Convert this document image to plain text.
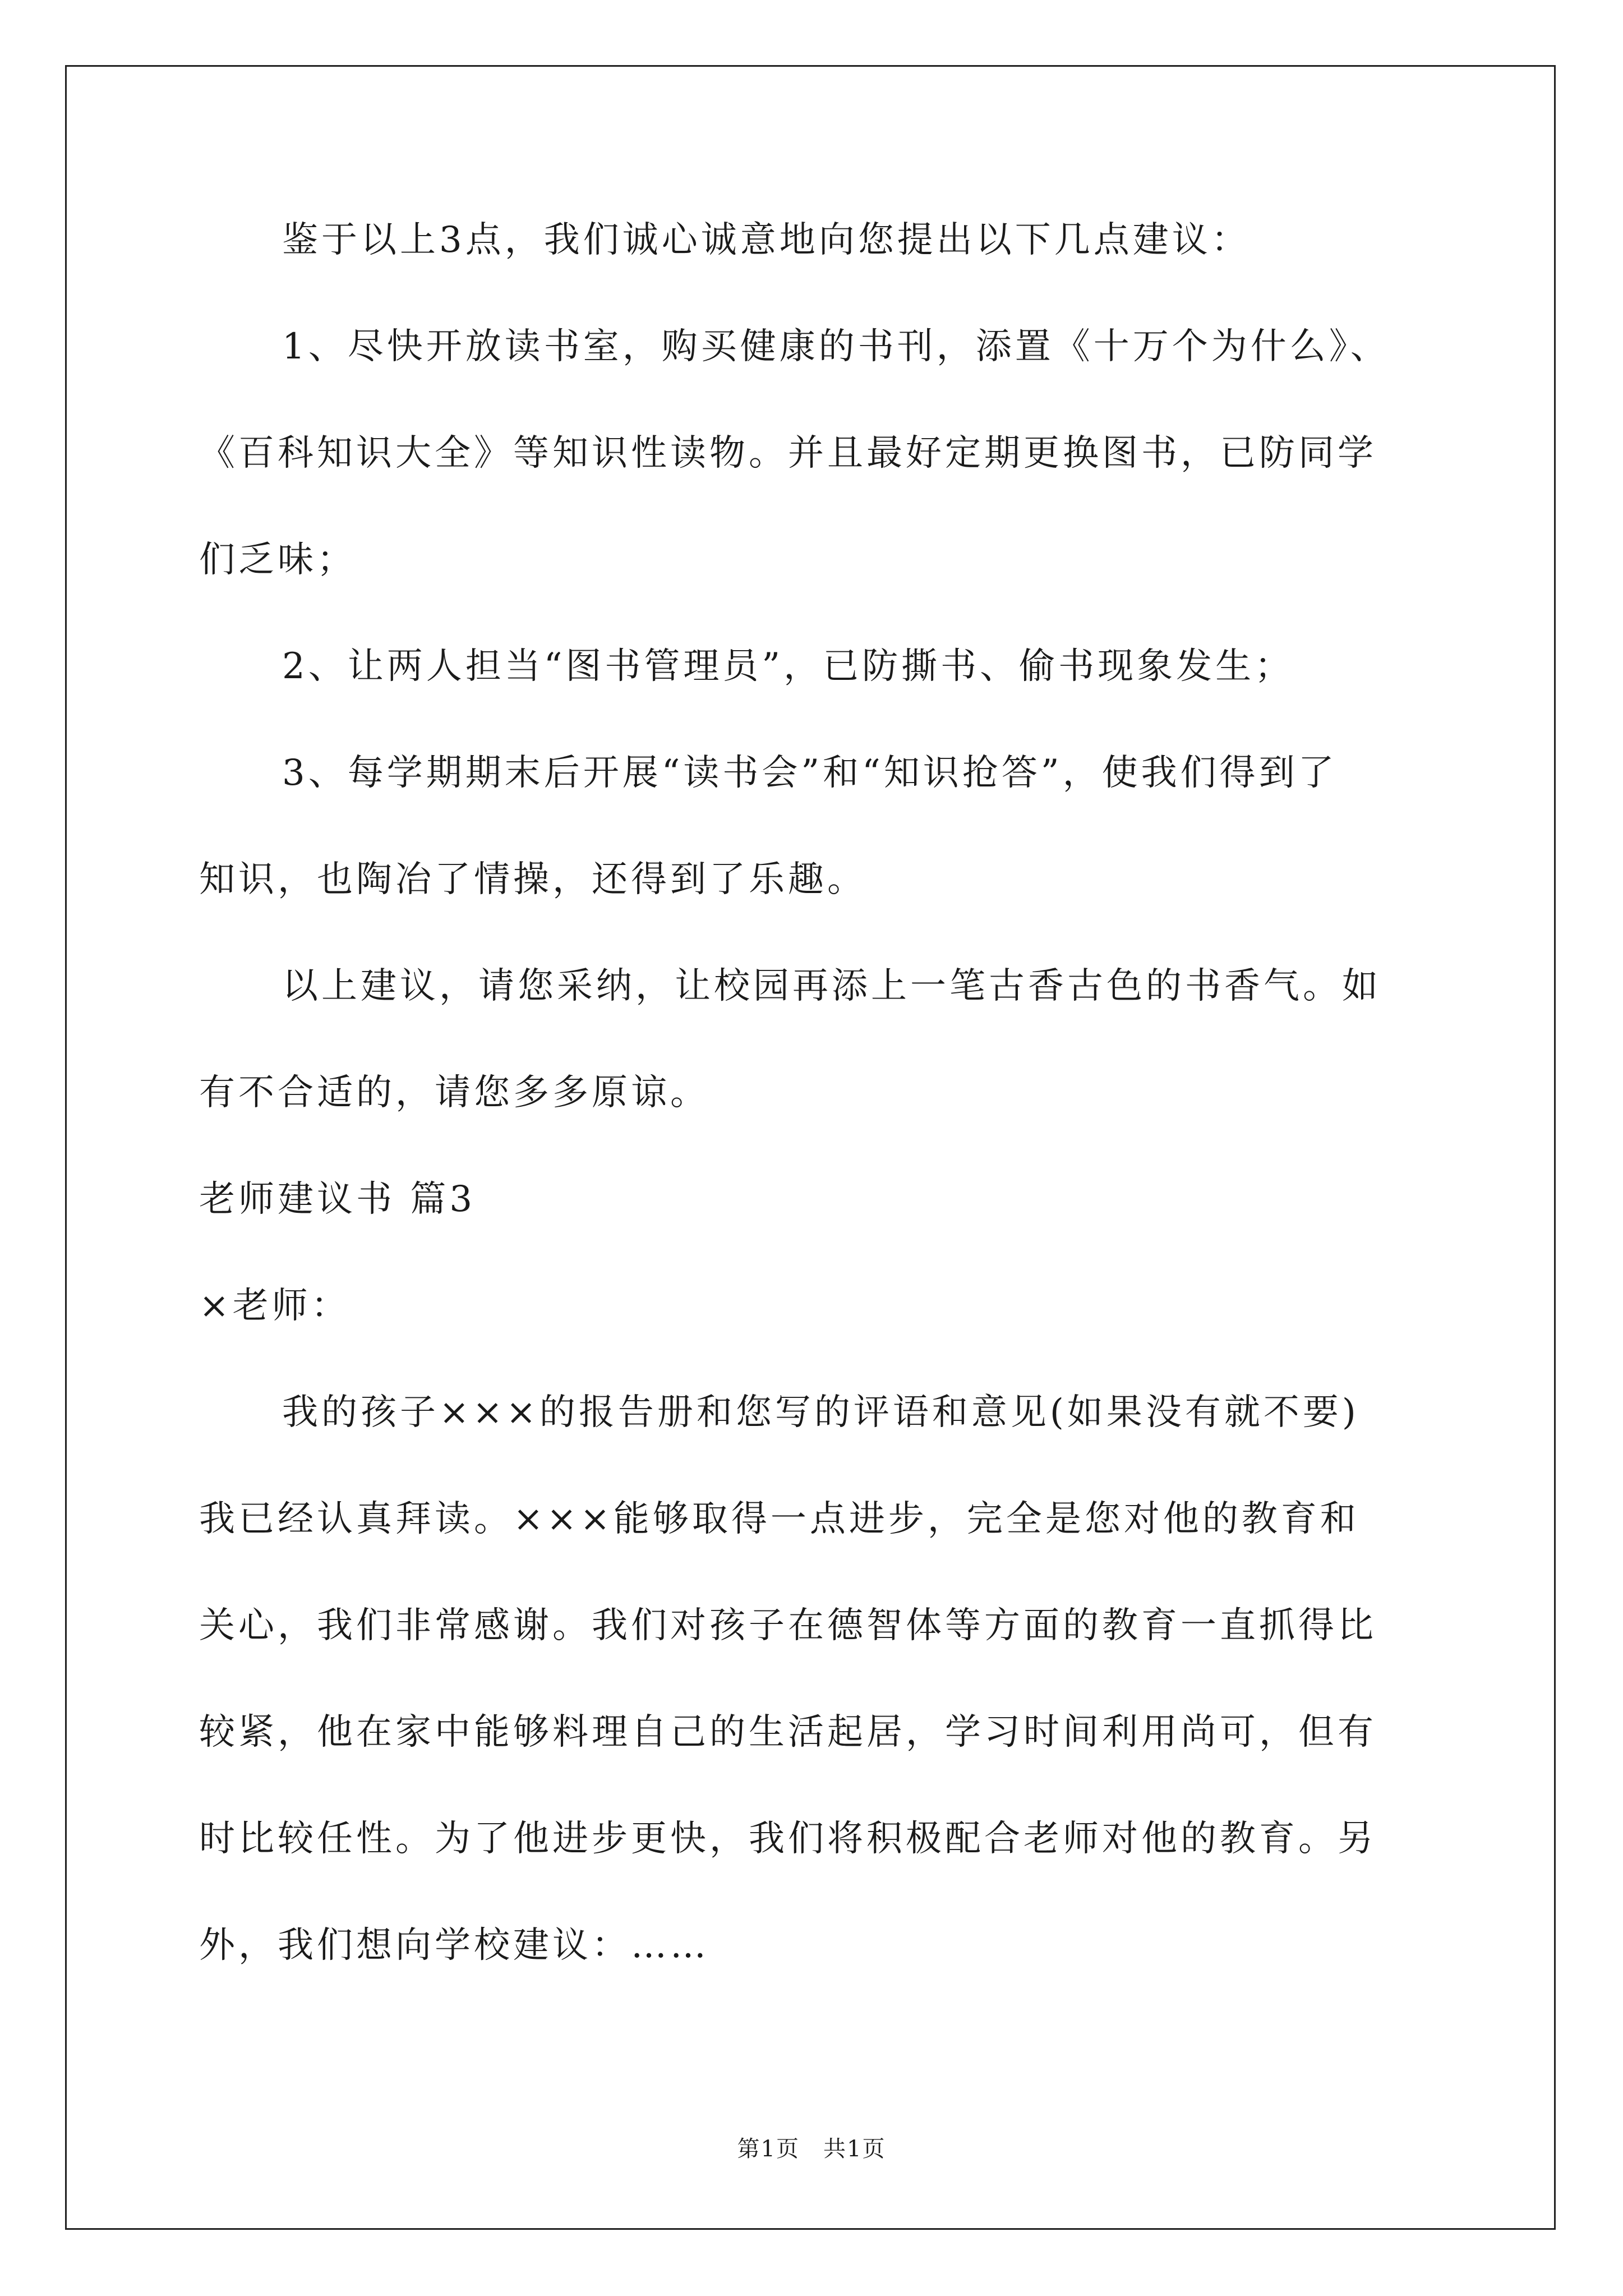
鉴于以上3点，我们诚心诚意地向您提出以下几点建议：
1、尽快开放读书室，购买健康的书刊，添置《十万个为什么》、
《百科知识大全》等知识性读物。并且最好定期更换图书，已防同学
们乏味；
2、让两人担当“图书管理员”，已防撕书、偷书现象发生；
3、每学期期末后开展“读书会”和“知识抢答”，使我们得到了
知识，也陶冶了情操，还得到了乐趣。
以上建议，请您采纳，让校园再添上一笔古香古色的书香气。如
有不合适的，请您多多原谅。
老师建议书 篇3
×老师：
我的孩子×××的报告册和您写的评语和意见(如果没有就不要)
我已经认真拜读。×××能够取得一点进步，完全是您对他的教育和
关心，我们非常感谢。我们对孩子在德智体等方面的教育一直抓得比
较紧，他在家中能够料理自己的生活起居，学习时间利用尚可，但有
时比较任性。为了他进步更快，我们将积极配合老师对他的教育。另
外，我们想向学校建议：……
第1页　共1页
